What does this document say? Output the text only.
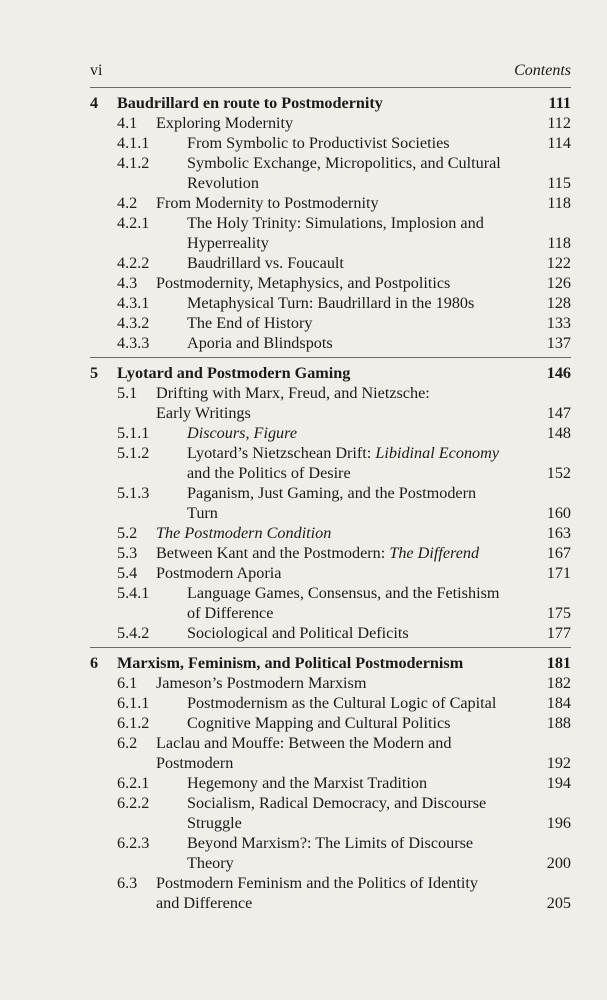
vi	Contents
4 Baudrillard en route to Postmodernity	111
4.1 Exploring Modernity	112
4.1.1 From Symbolic to Productivist Societies	114
4.1.2 Symbolic Exchange, Micropolitics, and Cultural
Revolution	115
4.2 From Modernity to Postmodernity	118
4.2.1 The Holy Trinity: Simulations, Implosion and
Hyperreality	118
4.2.2 Baudrillard vs. Foucault	122
4.3 Postmodernity, Metaphysics, and Postpolitics	126
4.3.1 Metaphysical Turn: Baudrillard in the 1980s	128
4.3.2 The End of History	133
4.3.3 Aporia and Blindspots	137
5 Lyotard and Postmodern Gaming	146
5.1 Drifting with Marx, Freud, and Nietzsche:
Early Writings	147
5.1.1 Discours, Figure	148
5.1.2 Lyotard’s Nietzschean Drift: Libidinal Economy
and the Politics of Desire	152
5.1.3 Paganism, Just Gaming, and the Postmodern
Turn	160
5.2 The Postmodern Condition	163
5.3 Between Kant and the Postmodern: The Differend	167
5.4 Postmodern Aporia	171
5.4.1 Language Games, Consensus, and the Fetishism
of Difference	175
5.4.2 Sociological and Political Deficits	177
6 Marxism, Feminism, and Political Postmodernism	181
6.1 Jameson’s Postmodern Marxism	182
6.1.1 Postmodernism as the Cultural Logic of Capital	184
6.1.2 Cognitive Mapping and Cultural Politics	188
6.2 Laclau and Mouffe: Between the Modern and
Postmodern	192
6.2.1 Hegemony and the Marxist Tradition	194
6.2.2 Socialism, Radical Democracy, and Discourse
Struggle	196
6.2.3 Beyond Marxism?: The Limits of Discourse
Theory	200
6.3 Postmodern Feminism and the Politics of Identity
and Difference	205
